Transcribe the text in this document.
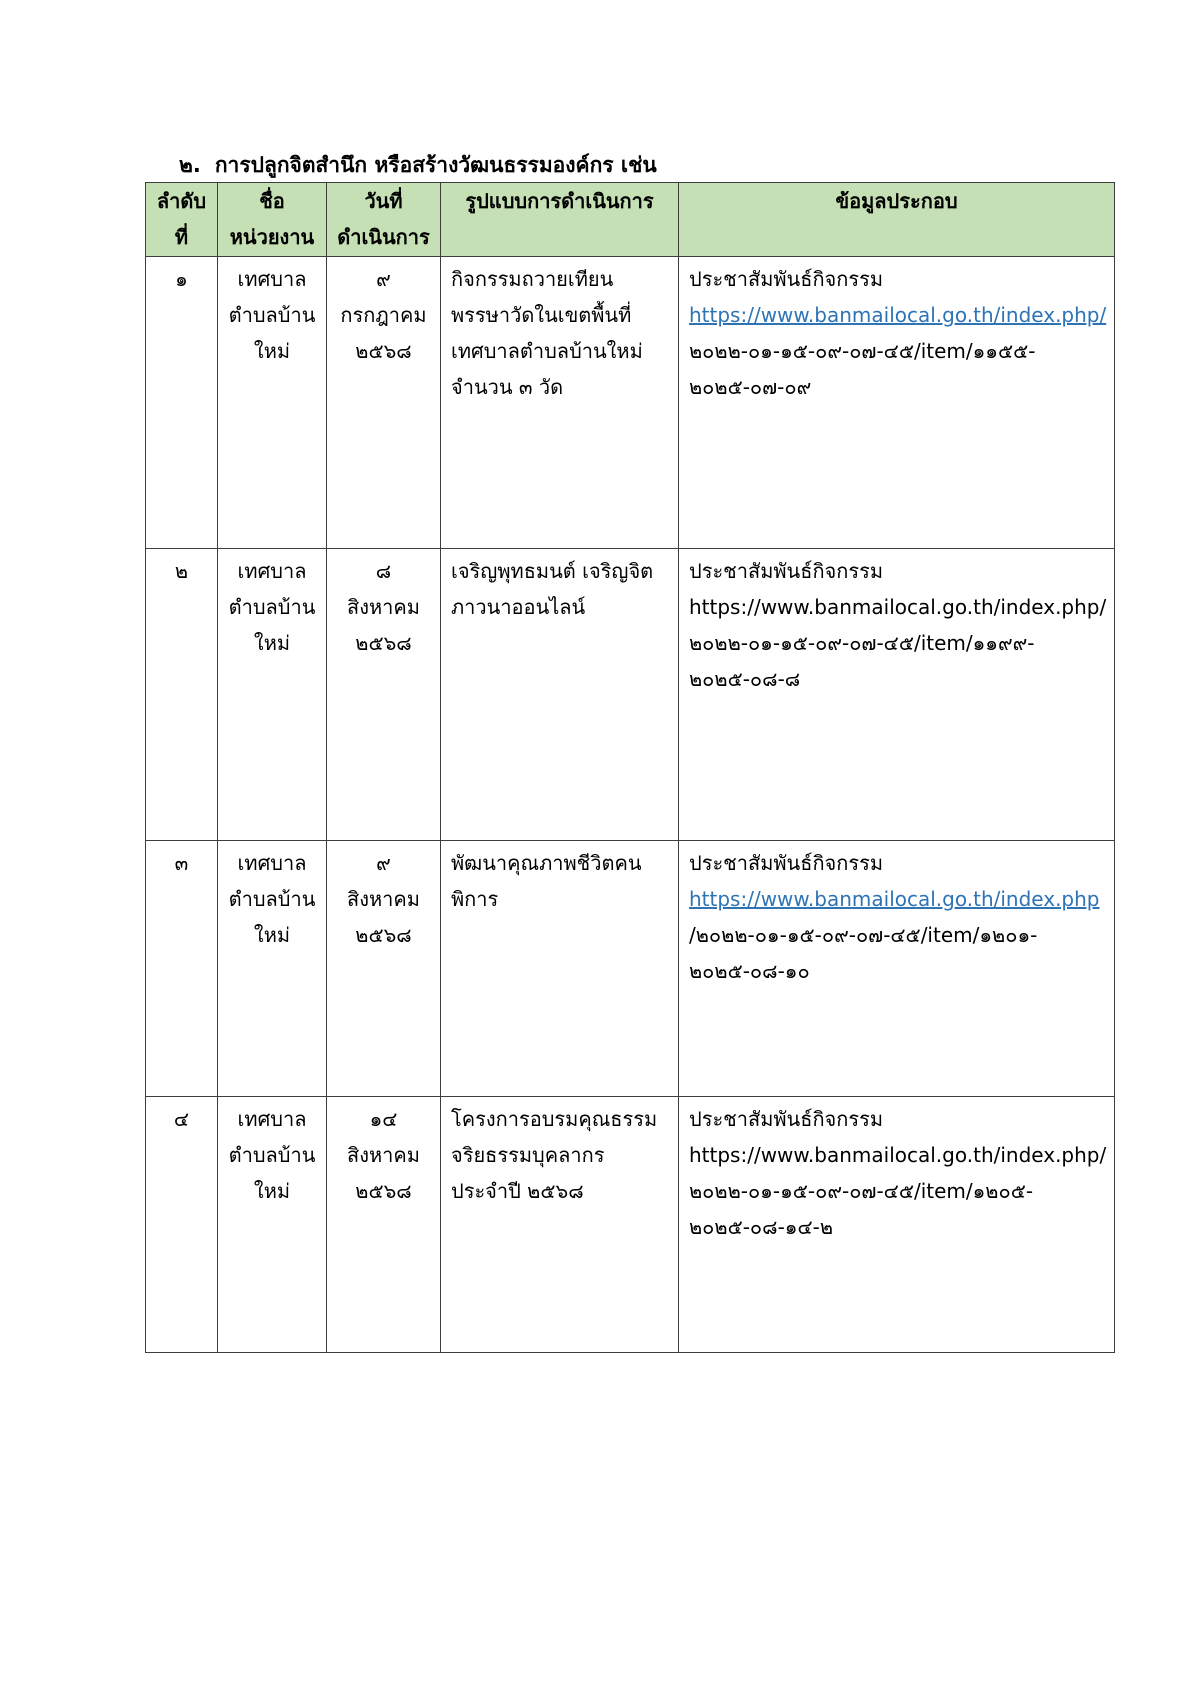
๒. การปลูกจิตสำนึก หรือสร้างวัฒนธรรมองค์กร เช่น
ลำดับ
ที่	ชื่อ
หน่วยงาน	วันที่
ดำเนินการ	รูปแบบการดำเนินการ	ข้อมูลประกอบ

๑	เทศบาล
ตำบลบ้าน
ใหม่	๙
กรกฎาคม
๒๕๖๘	กิจกรรมถวายเทียน
พรรษาวัดในเขตพื้นที่
เทศบาลตำบลบ้านใหม่
จำนวน ๓ วัด	ประชาสัมพันธ์กิจกรรม
https://www.banmailocal.go.th/index.php/
๒๐๒๒-๐๑-๑๕-๐๙-๐๗-๔๕/item/๑๑๕๕-
๒๐๒๕-๐๗-๐๙

๒	เทศบาล
ตำบลบ้าน
ใหม่	๘
สิงหาคม
๒๕๖๘	เจริญพุทธมนต์ เจริญจิต
ภาวนาออนไลน์	ประชาสัมพันธ์กิจกรรม
https://www.banmailocal.go.th/index.php/
๒๐๒๒-๐๑-๑๕-๐๙-๐๗-๔๕/item/๑๑๙๙-
๒๐๒๕-๐๘-๘

๓	เทศบาล
ตำบลบ้าน
ใหม่	๙
สิงหาคม
๒๕๖๘	พัฒนาคุณภาพชีวิตคน
พิการ	ประชาสัมพันธ์กิจกรรม
https://www.banmailocal.go.th/index.php
/๒๐๒๒-๐๑-๑๕-๐๙-๐๗-๔๕/item/๑๒๐๑-
๒๐๒๕-๐๘-๑๐

๔	เทศบาล
ตำบลบ้าน
ใหม่	๑๔
สิงหาคม
๒๕๖๘	โครงการอบรมคุณธรรม
จริยธรรมบุคลากร
ประจำปี ๒๕๖๘	ประชาสัมพันธ์กิจกรรม
https://www.banmailocal.go.th/index.php/
๒๐๒๒-๐๑-๑๕-๐๙-๐๗-๔๕/item/๑๒๐๕-
๒๐๒๕-๐๘-๑๔-๒
